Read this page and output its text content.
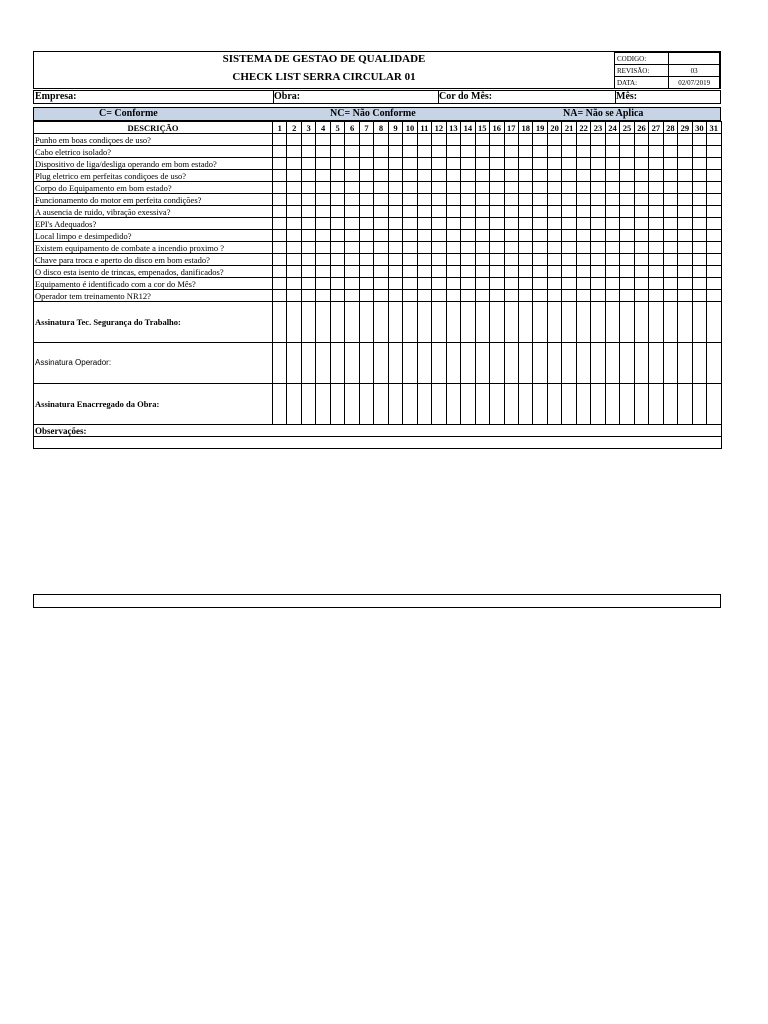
SISTEMA DE GESTAO DE QUALIDADE
CHECK LIST SERRA CIRCULAR 01
CODIGO:	
REVISÃO:	03
DATA:	02/07/2019
Empresa:	Obra:	Cor do Mês:	Mês:
C= Conforme	NC= Não Conforme	NA= Não se Aplica
DESCRIÇÃO	1	2	3	4	5	6	7	8	9	10	11	12	13	14	15	16	17	18	19	20	21	22	23	24	25	26	27	28	29	30	31
Punho em boas condiçoes de uso?																															
Cabo eletrico isolado?																															
Dispositivo de liga/desliga operando em bom estado?																															
Plug eletrico em perfeitas condiçoes de uso?																															
Corpo do Equipamento em bom estado?																															
Funcionamento do motor em perfeita condições?																															
A ausencia de ruido, vibração exessiva?																															
EPI's Adequados?																															
Local limpo e desimpedido?																															
Existem equipamento de combate a incendio proximo ?																															
Chave para troca e aperto do disco em bom estado?																															
O disco esta isento de trincas, empenados, danificados?																															
Equipamento é identificado com a cor do Mês?																															
Operador tem treinamento NR12?																															
Assinatura Tec. Segurança do Trabalho:																															
Assinatura Operador:																															
Assinatura Enacrregado da Obra:																															
Observações:																															
